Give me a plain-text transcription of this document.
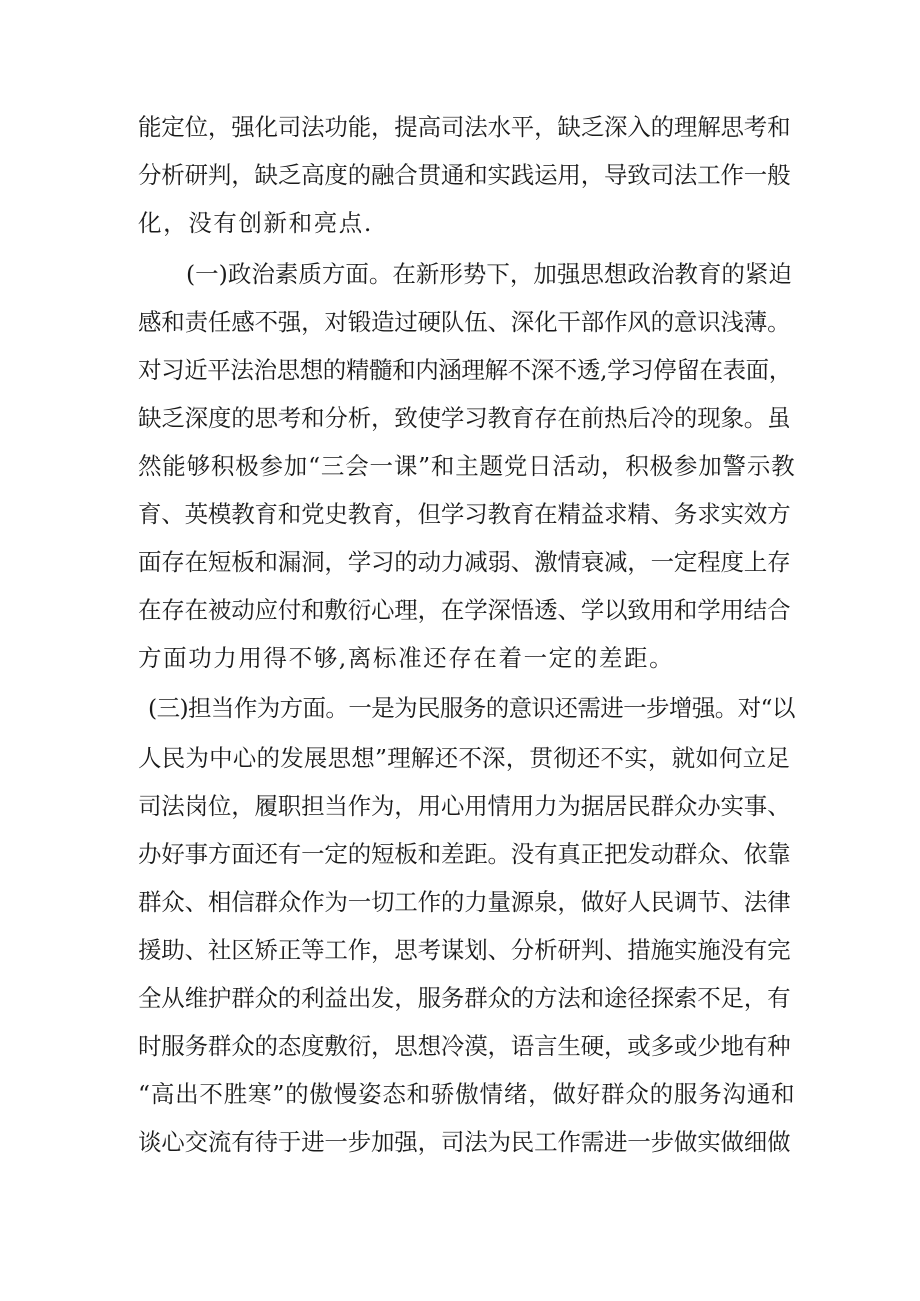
能定位，强化司法功能，提高司法水平，缺乏深入的理解思考和
分析研判，缺乏高度的融合贯通和实践运用，导致司法工作一般
化，没有创新和亮点.
(一)政治素质方面。在新形势下，加强思想政治教育的紧迫
感和责任感不强，对锻造过硬队伍、深化干部作风的意识浅薄。
对习近平法治思想的精髓和内涵理解不深不透,学习停留在表面，
缺乏深度的思考和分析，致使学习教育存在前热后冷的现象。虽
然能够积极参加“三会一课”和主题党日活动，积极参加警示教
育、英模教育和党史教育，但学习教育在精益求精、务求实效方
面存在短板和漏洞，学习的动力减弱、激情衰减，一定程度上存
在存在被动应付和敷衍心理，在学深悟透、学以致用和学用结合
方面功力用得不够,离标准还存在着一定的差距。
(三)担当作为方面。一是为民服务的意识还需进一步增强。对“以
人民为中心的发展思想”理解还不深，贯彻还不实，就如何立足
司法岗位，履职担当作为，用心用情用力为据居民群众办实事、
办好事方面还有一定的短板和差距。没有真正把发动群众、依靠
群众、相信群众作为一切工作的力量源泉，做好人民调节、法律
援助、社区矫正等工作，思考谋划、分析研判、措施实施没有完
全从维护群众的利益出发，服务群众的方法和途径探索不足，有
时服务群众的态度敷衍，思想冷漠，语言生硬，或多或少地有种
“高出不胜寒”的傲慢姿态和骄傲情绪，做好群众的服务沟通和
谈心交流有待于进一步加强，司法为民工作需进一步做实做细做
